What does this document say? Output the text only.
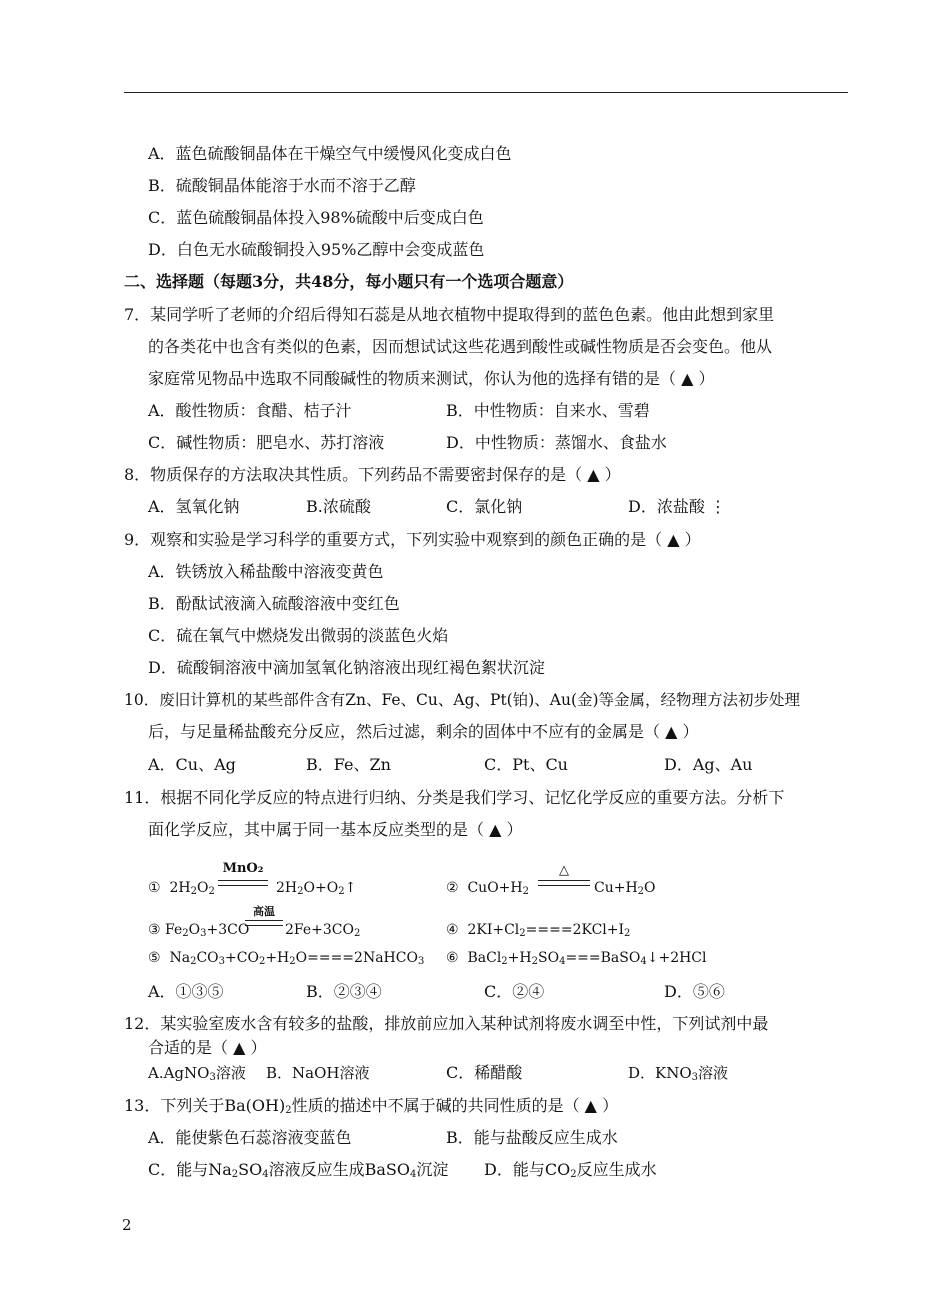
A．蓝色硫酸铜晶体在干燥空气中缓慢风化变成白色
B．硫酸铜晶体能溶于水而不溶于乙醇
C．蓝色硫酸铜晶体投入98%硫酸中后变成白色
D．白色无水硫酸铜投入95%乙醇中会变成蓝色
二、选择题（每题3分，共48分，每小题只有一个选项合题意）
7．某同学听了老师的介绍后得知石蕊是从地衣植物中提取得到的蓝色色素。他由此想到家里
的各类花中也含有类似的色素，因而想试试这些花遇到酸性或碱性物质是否会变色。他从
家庭常见物品中选取不同酸碱性的物质来测试，你认为他的选择有错的是（ ▲ ）
A．酸性物质：食醋、桔子汁	B．中性物质：自来水、雪碧
C．碱性物质：肥皂水、苏打溶液	D．中性物质：蒸馏水、食盐水
8．物质保存的方法取决其性质。下列药品不需要密封保存的是（ ▲ ）
A．氢氧化钠	B.浓硫酸	C．氯化钠	D．浓盐酸 ⋮
9．观察和实验是学习科学的重要方式，下列实验中观察到的颜色正确的是（ ▲ ）
A．铁锈放入稀盐酸中溶液变黄色
B．酚酞试液滴入硫酸溶液中变红色
C．硫在氧气中燃烧发出微弱的淡蓝色火焰
D．硫酸铜溶液中滴加氢氧化钠溶液出现红褐色絮状沉淀
10．废旧计算机的某些部件含有Zn、Fe、Cu、Ag、Pt(铂)、Au(金)等金属，经物理方法初步处理
后，与足量稀盐酸充分反应，然后过滤，剩余的固体中不应有的金属是（ ▲ ）
A．Cu、Ag	B．Fe、Zn	C．Pt、Cu	D．Ag、Au
11．根据不同化学反应的特点进行归纳、分类是我们学习、记忆化学反应的重要方法。分析下
面化学反应，其中属于同一基本反应类型的是（ ▲ ）
①  $2H_2O_2$
MnO₂
$2H_2O+O_2↑$	②  $CuO+H_2$
△
$Cu+H_2O$
③ $Fe_2O_3+3CO$
高温
$2Fe+3CO_2$	④  $2KI+Cl_2====2KCl+I_2$
⑤  $Na_2CO_3+CO_2+H_2O====2NaHCO_3$ ⑥  $BaCl_2+H_2SO_4===BaSO_4↓+2HCl$
A．①③⑤	B．②③④	C．②④	D．⑤⑥
12．某实验室废水含有较多的盐酸，排放前应加入某种试剂将废水调至中性，下列试剂中最
合适的是（ ▲ ）
A.AgNO$_3$溶液 B．NaOH溶液	C．稀醋酸	D．$KNO_3$溶液
13．下列关于$Ba(OH)_2$性质的描述中不属于碱的共同性质的是（ ▲ ）
A．能使紫色石蕊溶液变蓝色	B．能与盐酸反应生成水
C．能与$Na_2SO_4$溶液反应生成BaSO$_4$沉淀 D．能与$CO_2$反应生成水
2
